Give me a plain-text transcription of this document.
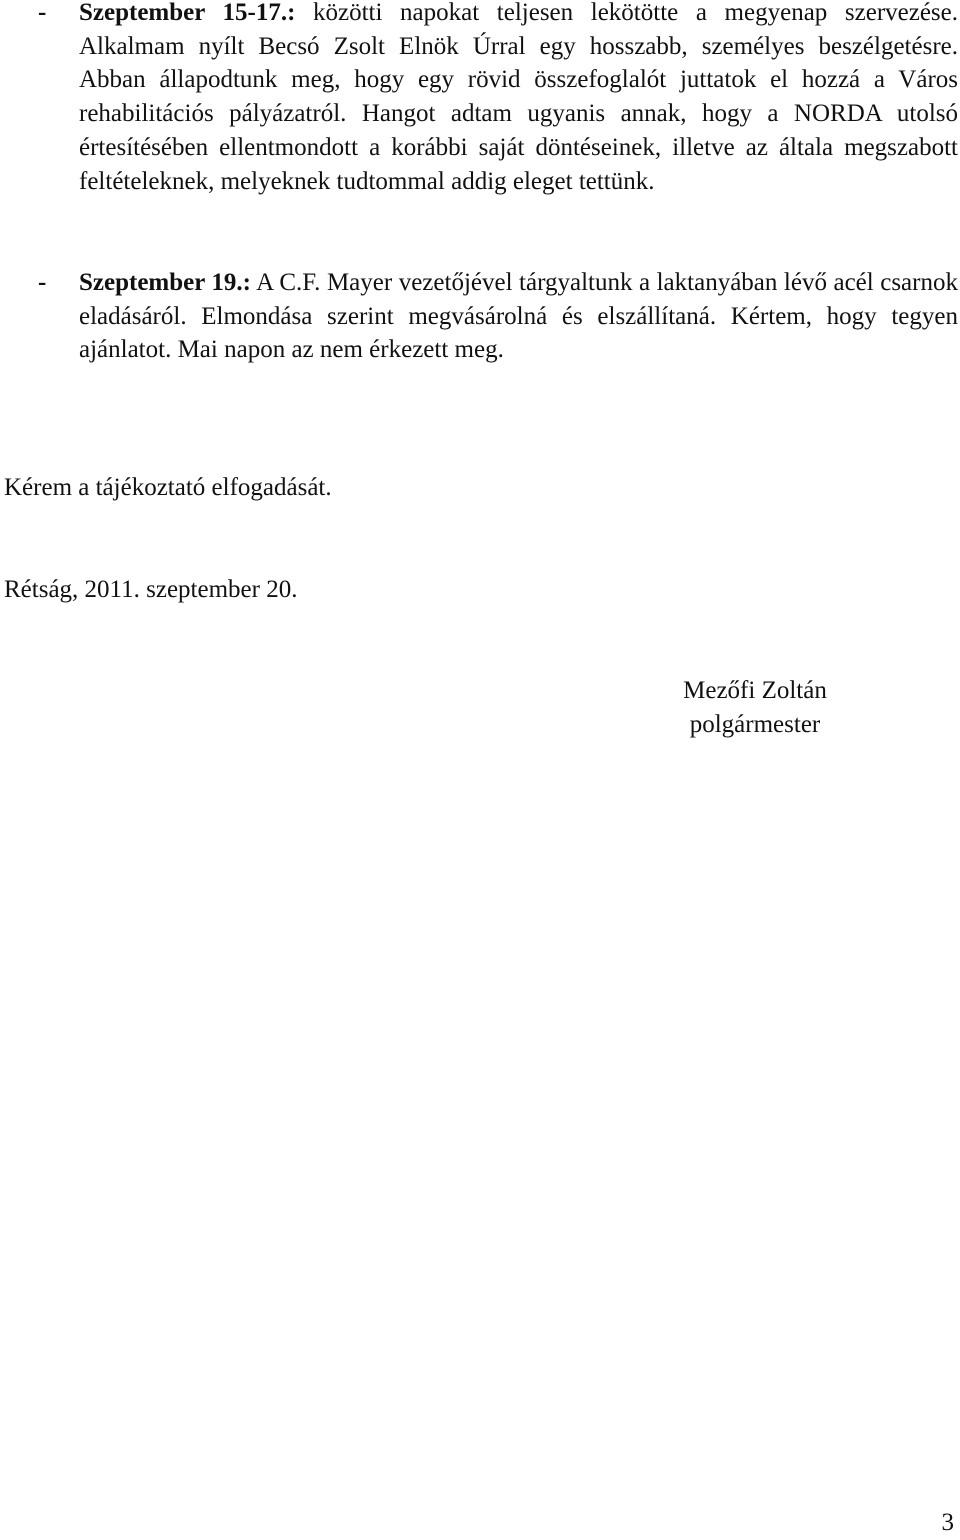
- Szeptember 15-17.: közötti napokat teljesen lekötötte a megyenap szervezése. Alkalmam nyílt Becsó Zsolt Elnök Úrral egy hosszabb, személyes beszélgetésre. Abban állapodtunk meg, hogy egy rövid összefoglalót juttatok el hozzá a Város rehabilitációs pályázatról. Hangot adtam ugyanis annak, hogy a NORDA utolsó értesítésében ellentmondott a korábbi saját döntéseinek, illetve az általa megszabott feltételeknek, melyeknek tudtommal addig eleget tettünk.
- Szeptember 19.: A C.F. Mayer vezetőjével tárgyaltunk a laktanyában lévő acél csarnok eladásáról. Elmondása szerint megvásárolná és elszállítaná. Kértem, hogy tegyen ajánlatot. Mai napon az nem érkezett meg.
Kérem a tájékoztató elfogadását.
Rétság, 2011. szeptember 20.
Mezőfi Zoltán
polgármester
3
